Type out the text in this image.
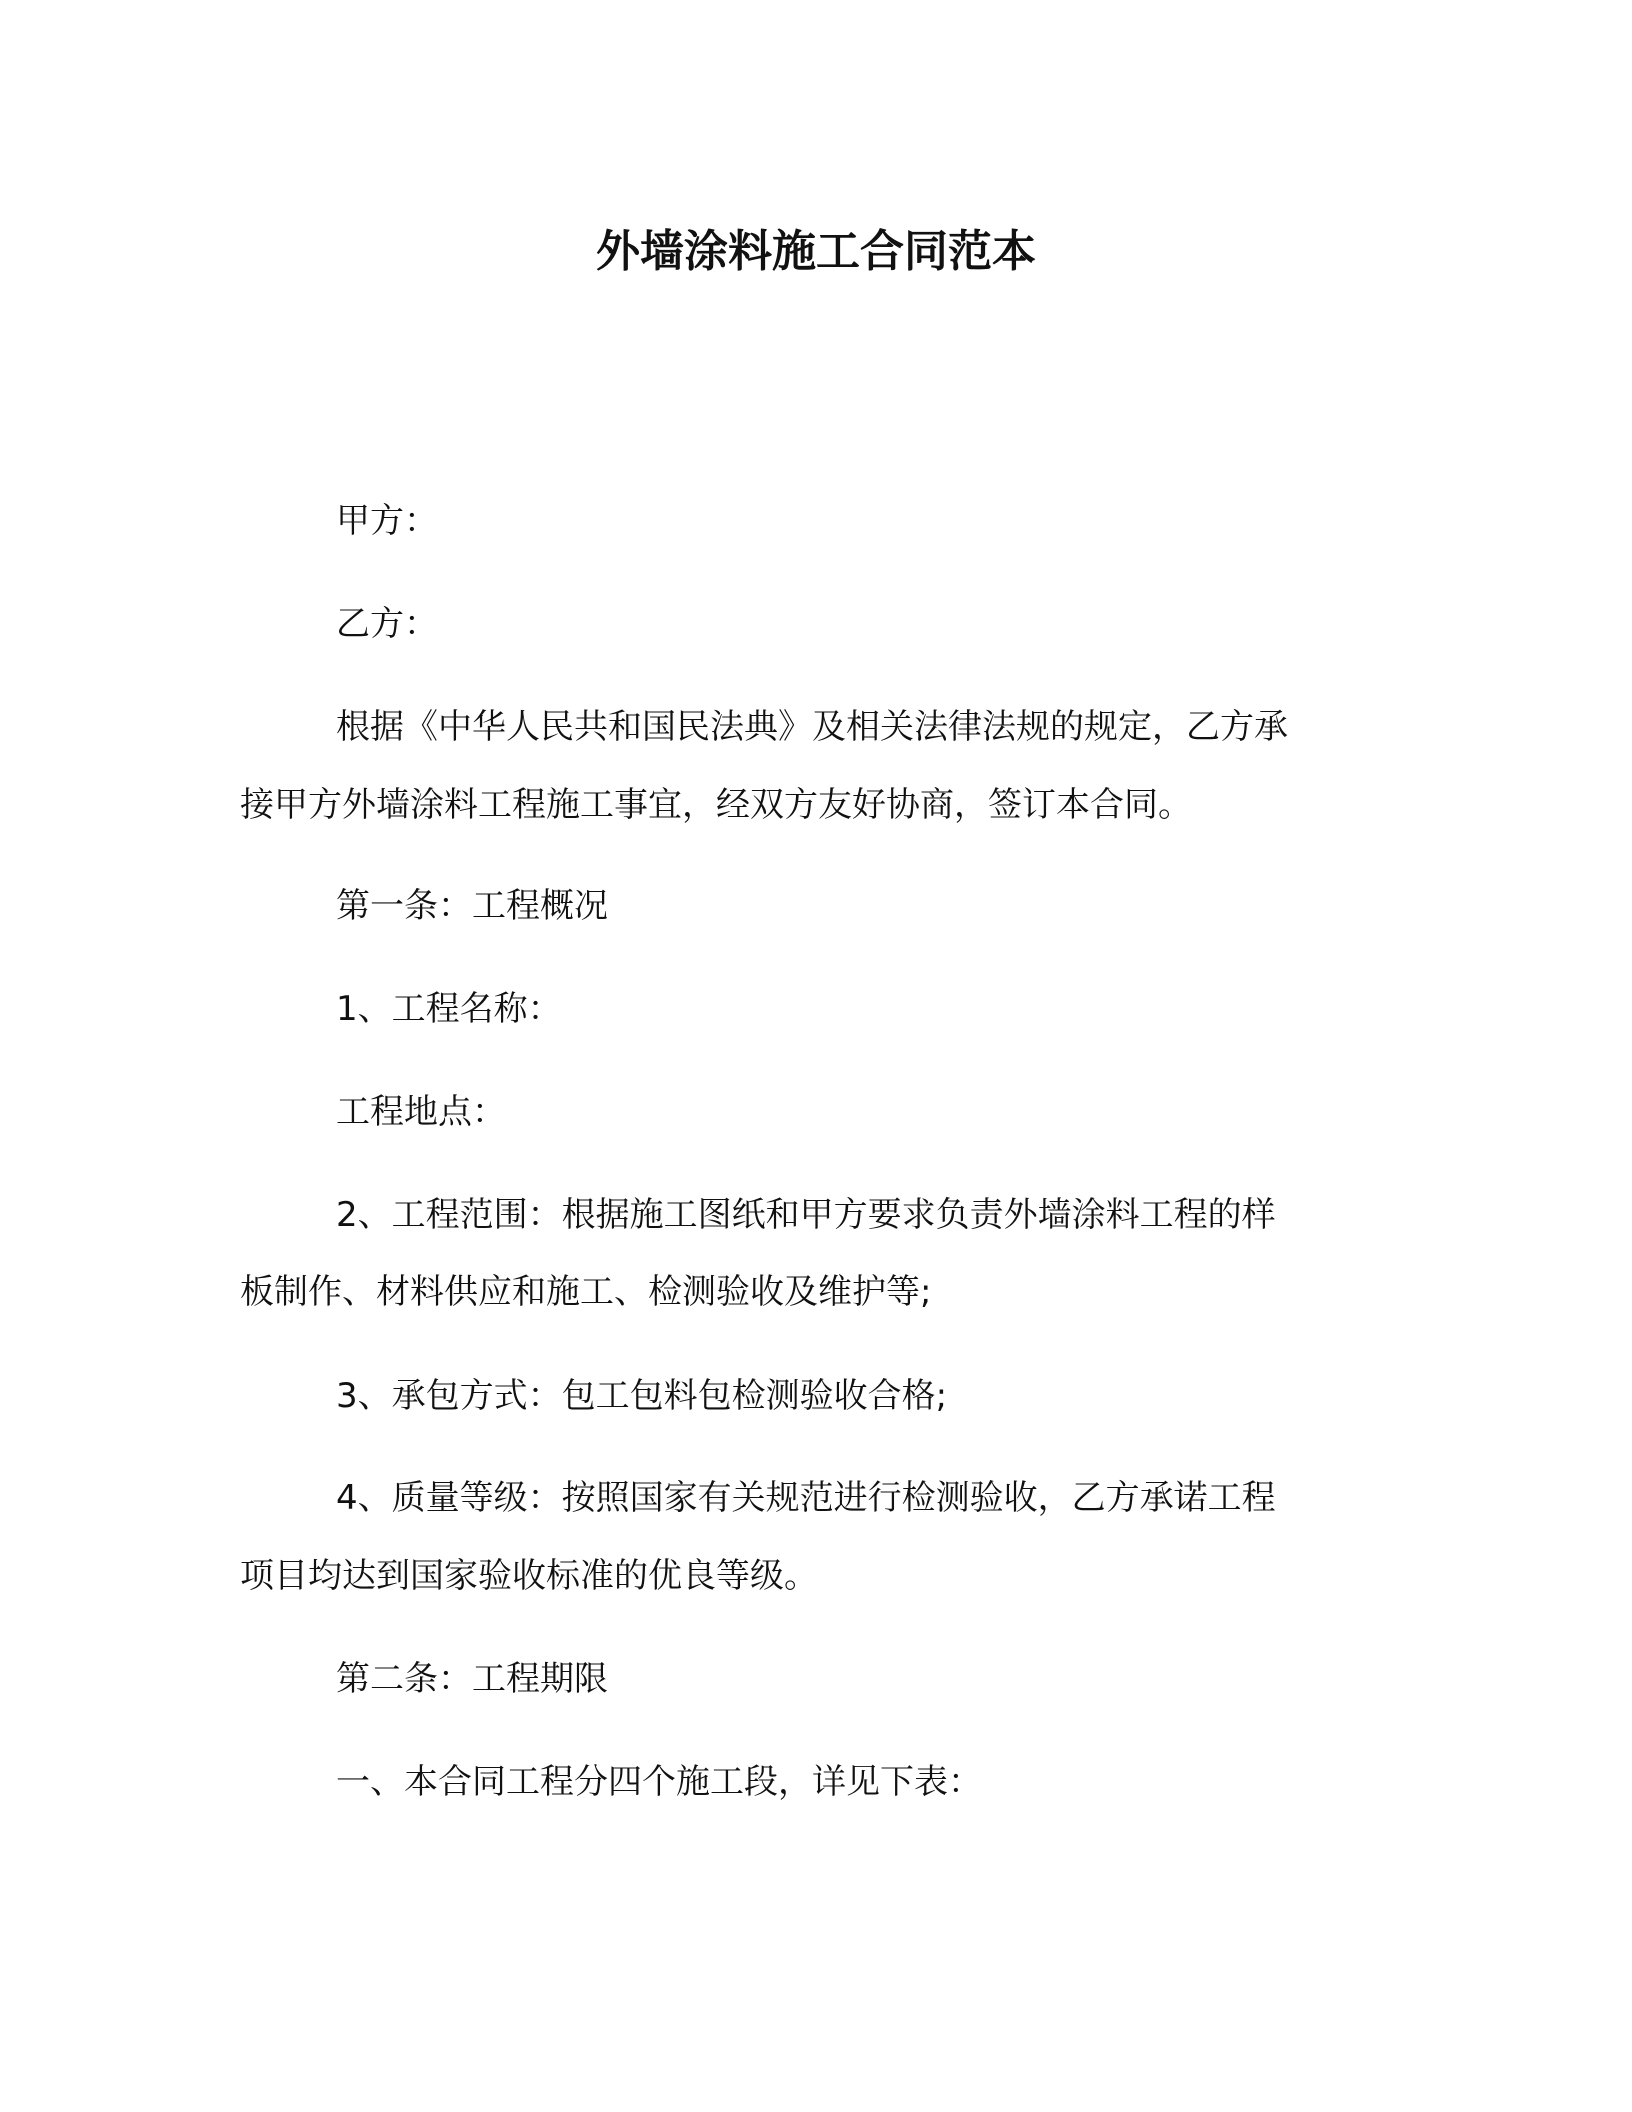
外墙涂料施工合同范本
甲方：
乙方：
根据《中华人民共和国民法典》及相关法律法规的规定，乙方承
接甲方外墙涂料工程施工事宜，经双方友好协商，签订本合同。
第一条：工程概况
1、工程名称：
工程地点：
2、工程范围：根据施工图纸和甲方要求负责外墙涂料工程的样
板制作、材料供应和施工、检测验收及维护等;
3、承包方式：包工包料包检测验收合格;
4、质量等级：按照国家有关规范进行检测验收，乙方承诺工程
项目均达到国家验收标准的优良等级。
第二条：工程期限
一、本合同工程分四个施工段，详见下表：
